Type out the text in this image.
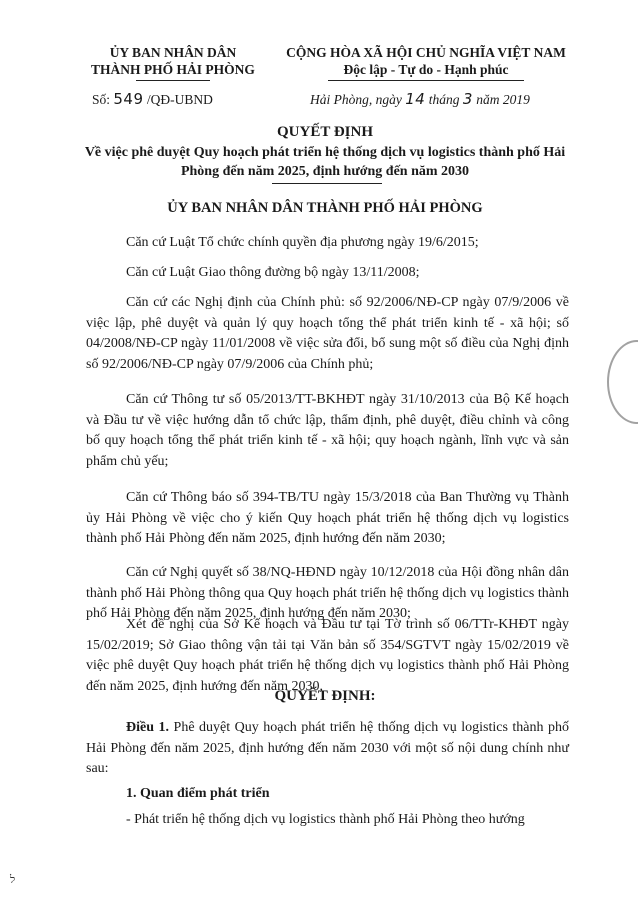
ỦY BAN NHÂN DÂN
THÀNH PHỐ HẢI PHÒNG
CỘNG HÒA XÃ HỘI CHỦ NGHĨA VIỆT NAM
Độc lập - Tự do - Hạnh phúc
Số: 549 /QĐ-UBND	Hải Phòng, ngày 14 tháng 3 năm 2019
QUYẾT ĐỊNH
Về việc phê duyệt Quy hoạch phát triển hệ thống dịch vụ logistics thành phố Hải Phòng đến năm 2025, định hướng đến năm 2030
ỦY BAN NHÂN DÂN THÀNH PHỐ HẢI PHÒNG
Căn cứ Luật Tổ chức chính quyền địa phương ngày 19/6/2015;
Căn cứ Luật Giao thông đường bộ ngày 13/11/2008;
Căn cứ các Nghị định của Chính phủ: số 92/2006/NĐ-CP ngày 07/9/2006 về việc lập, phê duyệt và quản lý quy hoạch tổng thể phát triển kinh tế - xã hội; số 04/2008/NĐ-CP ngày 11/01/2008 về việc sửa đổi, bổ sung một số điều của Nghị định số 92/2006/NĐ-CP ngày 07/9/2006 của Chính phủ;
Căn cứ Thông tư số 05/2013/TT-BKHĐT ngày 31/10/2013 của Bộ Kế hoạch và Đầu tư về việc hướng dẫn tổ chức lập, thẩm định, phê duyệt, điều chỉnh và công bố quy hoạch tổng thể phát triển kinh tế - xã hội; quy hoạch ngành, lĩnh vực và sản phẩm chủ yếu;
Căn cứ Thông báo số 394-TB/TU ngày 15/3/2018 của Ban Thường vụ Thành ủy Hải Phòng về việc cho ý kiến Quy hoạch phát triển hệ thống dịch vụ logistics thành phố Hải Phòng đến năm 2025, định hướng đến năm 2030;
Căn cứ Nghị quyết số 38/NQ-HĐND ngày 10/12/2018 của Hội đồng nhân dân thành phố Hải Phòng thông qua Quy hoạch phát triển hệ thống dịch vụ logistics thành phố Hải Phòng đến năm 2025, định hướng đến năm 2030;
Xét đề nghị của Sở Kế hoạch và Đầu tư tại Tờ trình số 06/TTr-KHĐT ngày 15/02/2019; Sở Giao thông vận tải tại Văn bản số 354/SGTVT ngày 15/02/2019 về việc phê duyệt Quy hoạch phát triển hệ thống dịch vụ logistics thành phố Hải Phòng đến năm 2025, định hướng đến năm 2030,
QUYẾT ĐỊNH:
Điều 1. Phê duyệt Quy hoạch phát triển hệ thống dịch vụ logistics thành phố Hải Phòng đến năm 2025, định hướng đến năm 2030 với một số nội dung chính như sau:
1. Quan điểm phát triển
- Phát triển hệ thống dịch vụ logistics thành phố Hải Phòng theo hướng
ל
